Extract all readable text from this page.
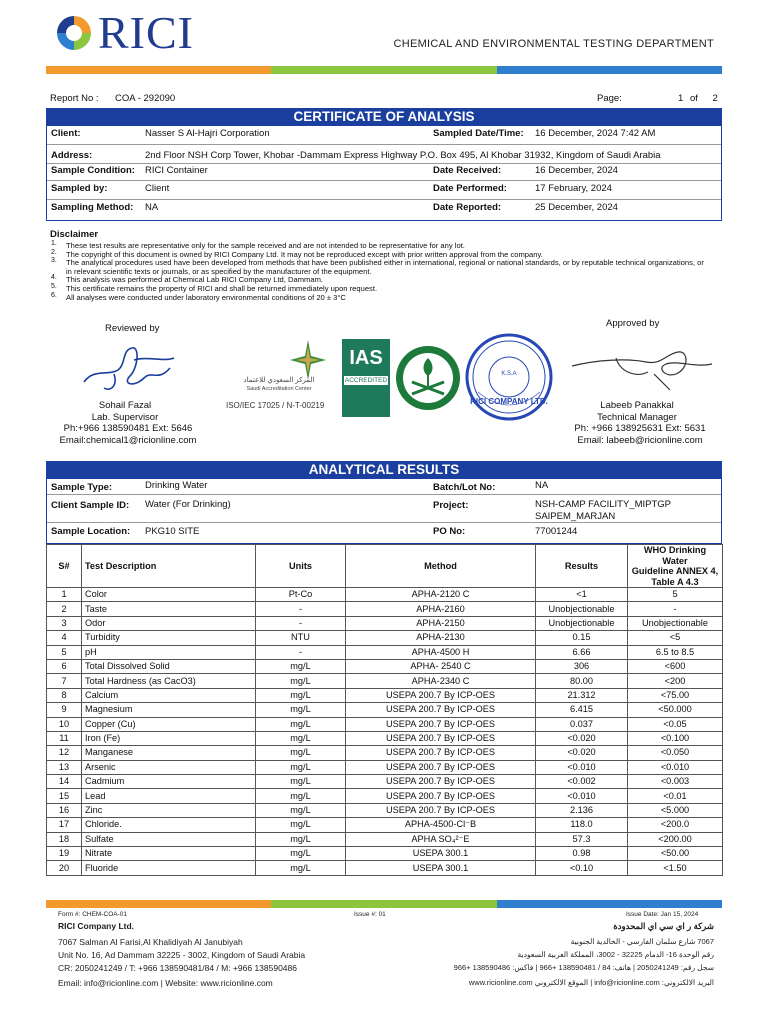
RICI	CHEMICAL AND ENVIRONMENTAL TESTING DEPARTMENT
Report No : COA - 292090	Page:	1 of 2
CERTIFICATE OF ANALYSIS
Client:	Nasser S Al-Hajri Corporation	Sampled Date/Time: 16 December, 2024 7:42 AM
Address:	2nd Floor NSH Corp Tower, Khobar -Dammam Express Highway P.O. Box 495, Al Khobar 31932, Kingdom of Saudi Arabia
Sample Condition: RICI Container	Date Received:	16 December, 2024
Sampled by:	Client	Date Performed:	17 February, 2024
Sampling Method: NA	Date Reported:	25 December, 2024
Disclaimer
1. These test results are representative only for the sample received and are not intended to be representative for any lot.
2. The copyright of this document is owned by RICI Company Ltd. It may not be reproduced except with prior written approval from the company.
3. The analytical procedures used have been developed from methods that have been published either in international, regional or national standards, or by reputable technical organizations, or in relevant scientific texts or journals, or as specified by the manufacturer of the equipment.
4. This analysis was performed at Chemical Lab RICI Company Ltd, Dammam.
5. This certificate remains the property of RICI and shall be returned immediately upon request.
6. All analyses were conducted under laboratory environmental conditions of 20 ± 3°C
Reviewed by
Sohail Fazal
Lab. Supervisor
Ph:+966 138590481 Ext: 5646
Email:chemical1@ricionline.com
المركز السعودي للاعتماد
Saudi Accreditation Center
ISO/IEC 17025 / N-T-00219
IAS
ACCREDITED
RICI COMPANY LTD.
K.S.A
Approved by
Labeeb Panakkal
Technical Manager
Ph: +966 138925631 Ext: 5631
Email: labeeb@ricionline.com
ANALYTICAL RESULTS
Sample Type:	Drinking Water	Batch/Lot No:	NA
Client Sample ID: Water (For Drinking)	Project:	NSH-CAMP FACILITY_MIPTGP
SAIPEM_MARJAN
Sample Location: PKG10 SITE	PO No:	77001244
S#	Test Description	Units	Method	Results	WHO Drinking Water
Guideline ANNEX 4,
Table A 4.3

1	Color	Pt-Co	APHA-2120 C	<1	5
2	Taste	-	APHA-2160	Unobjectionable	-
3	Odor	-	APHA-2150	Unobjectionable	Unobjectionable
4	Turbidity	NTU	APHA-2130	0.15	<5
5	pH	-	APHA-4500 H	6.66	6.5 to 8.5
6	Total Dissolved Solid	mg/L	APHA- 2540 C	306	<600
7	Total Hardness (as CacO3)	mg/L	APHA-2340 C	80.00	<200
8	Calcium	mg/L	USEPA 200.7 By ICP-OES	21.312	<75.00
9	Magnesium	mg/L	USEPA 200.7 By ICP-OES	6.415	<50.000
10	Copper (Cu)	mg/L	USEPA 200.7 By ICP-OES	0.037	<0.05
11	Iron (Fe)	mg/L	USEPA 200.7 By ICP-OES	<0.020	<0.100
12	Manganese	mg/L	USEPA 200.7 By ICP-OES	<0.020	<0.050
13	Arsenic	mg/L	USEPA 200.7 By ICP-OES	<0.010	<0.010
14	Cadmium	mg/L	USEPA 200.7 By ICP-OES	<0.002	<0.003
15	Lead	mg/L	USEPA 200.7 By ICP-OES	<0.010	<0.01
16	Zinc	mg/L	USEPA 200.7 By ICP-OES	2.136	<5.000
17	Chloride.	mg/L	APHA-4500-Cl⁻B	118.0	<200.0
18	Sulfate	mg/L	APHA SO₄²⁻E	57.3	<200.00
19	Nitrate	mg/L	USEPA 300.1	0.98	<50.00
20	Fluoride	mg/L	USEPA 300.1	<0.10	<1.50
Form #: CHEM-COA-01	Issue #: 01	Issue Date: Jan 15, 2024
RICI Company Ltd.	شركة ر اي سي اي المحدودة
7067 Salman Al Farisi,Al Khalidiyah Al Janubiyah
Unit No. 16, Ad Dammam 32225 - 3002, Kingdom of Saudi Arabia
CR: 2050241249 / T: +966 138590481/84 / M: +966 138590486
7067 شارع سلمان الفارسي - الخالدية الجنوبية
رقم الوحدة 16- الدمام 32225 - 3002، المملكة العربية السعودية
سجل رقم: 2050241249 | هاتف: 84 / 138590481 +966 | فاكس: 138590486 +966
Email: info@ricionline.com | Website: www.ricionline.com	البريد الالكتروني: info@ricionline.com | الموقع الالكتروني www.ricionline.com
